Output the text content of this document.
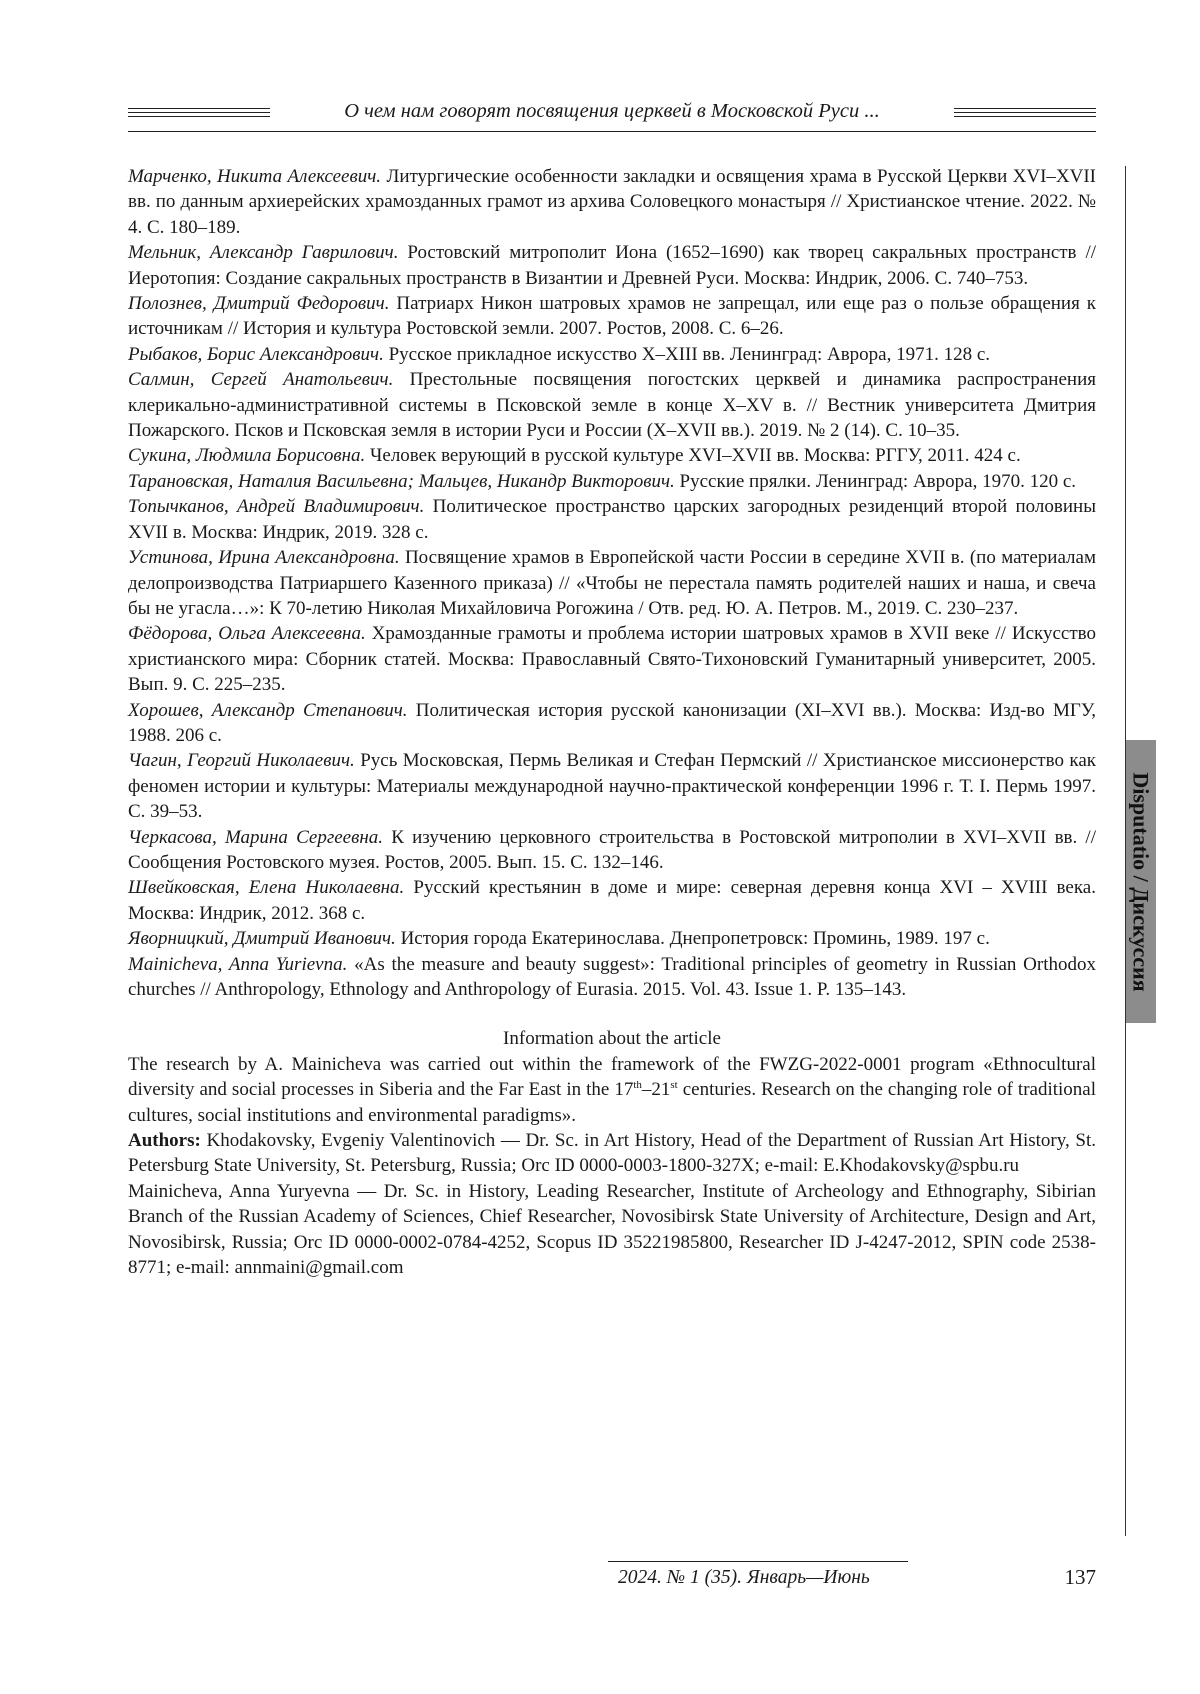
О чем нам говорят посвящения церквей в Московской Руси ...
Disputatio / Дискуссия

Марченко, Никита Алексеевич. Литургические особенности закладки и освящения храма в Русской Церкви XVI–XVII вв. по данным архиерейских храмозданных грамот из архива Соловецкого монастыря // Христианское чтение. 2022. № 4. С. 180–189.

Мельник, Александр Гаврилович. Ростовский митрополит Иона (1652–1690) как творец сакральных пространств // Иеротопия: Создание сакральных пространств в Византии и Древней Руси. Москва: Индрик, 2006. С. 740–753.

Полознев, Дмитрий Федорович. Патриарх Никон шатровых храмов не запрещал, или еще раз о пользе обращения к источникам // История и культура Ростовской земли. 2007. Ростов, 2008. С. 6–26.

Рыбаков, Борис Александрович. Русское прикладное искусство X–XIII вв. Ленинград: Аврора, 1971. 128 с.

Салмин, Сергей Анатольевич. Престольные посвящения погостских церквей и динамика распространения клерикально-административной системы в Псковской земле в конце X–XV в. // Вестник университета Дмитрия Пожарского. Псков и Псковская земля в истории Руси и России (X–XVII вв.). 2019. № 2 (14). С. 10–35.

Сукина, Людмила Борисовна. Человек верующий в русской культуре XVI–XVII вв. Москва: РГГУ, 2011. 424 с.

Тарановская, Наталия Васильевна; Мальцев, Никандр Викторович. Русские прялки. Ленинград: Аврора, 1970. 120 с.

Топычканов, Андрей Владимирович. Политическое пространство царских загородных резиденций второй половины XVII в. Москва: Индрик, 2019. 328 с.

Устинова, Ирина Александровна. Посвящение храмов в Европейской части России в середине XVII в. (по материалам делопроизводства Патриаршего Казенного приказа) // «Чтобы не перестала память родителей наших и наша, и свеча бы не угасла…»: К 70-летию Николая Михайловича Рогожина / Отв. ред. Ю. А. Петров. М., 2019. С. 230–237.

Фёдорова, Ольга Алексеевна. Храмозданные грамоты и проблема истории шатровых храмов в XVII веке // Искусство христианского мира: Сборник статей. Москва: Православный Свято-Тихоновский Гуманитарный университет, 2005. Вып. 9. С. 225–235.

Хорошев, Александр Степанович. Политическая история русской канонизации (XI–XVI вв.). Москва: Изд-во МГУ, 1988. 206 с.

Чагин, Георгий Николаевич. Русь Московская, Пермь Великая и Стефан Пермский // Христианское миссионерство как феномен истории и культуры: Материалы международной научно-практической конференции 1996 г. Т. I. Пермь 1997. С. 39–53.

Черкасова, Марина Сергеевна. К изучению церковного строительства в Ростовской митрополии в XVI–XVII вв. // Сообщения Ростовского музея. Ростов, 2005. Вып. 15. С. 132–146.

Швейковская, Елена Николаевна. Русский крестьянин в доме и мире: северная деревня конца XVI – XVIII века. Москва: Индрик, 2012. 368 с.

Яворницкий, Дмитрий Иванович. История города Екатеринослава. Днепропетровск: Проминь, 1989. 197 с.

Mainicheva, Anna Yurievna. «As the measure and beauty suggest»: Traditional principles of geometry in Russian Orthodox churches // Anthropology, Ethnology and Anthropology of Eurasia. 2015. Vol. 43. Issue 1. P. 135–143.

Information about the article

The research by A. Mainicheva was carried out within the framework of the FWZG-2022-0001 program «Ethnocultural diversity and social processes in Siberia and the Far East in the 17th–21st centuries. Research on the changing role of traditional cultures, social institutions and environmental paradigms».

Authors: Khodakovsky, Evgeniy Valentinovich — Dr. Sc. in Art History, Head of the Department of Russian Art History, St. Petersburg State University, St. Petersburg, Russia; Orc ID 0000-0003-1800-327X; e-mail: E.Khodakovsky@spbu.ru

Mainicheva, Anna Yuryevna — Dr. Sc. in History, Leading Researcher, Institute of Archeology and Ethnography, Sibirian Branch of the Russian Academy of Sciences, Chief Researcher, Novosibirsk State University of Architecture, Design and Art, Novosibirsk, Russia; Orc ID 0000-0002-0784-4252, Scopus ID 35221985800, Researcher ID J-4247-2012, SPIN code 2538-8771; e-mail: annmaini@gmail.com

2024. № 1 (35). Январь—Июнь	137
